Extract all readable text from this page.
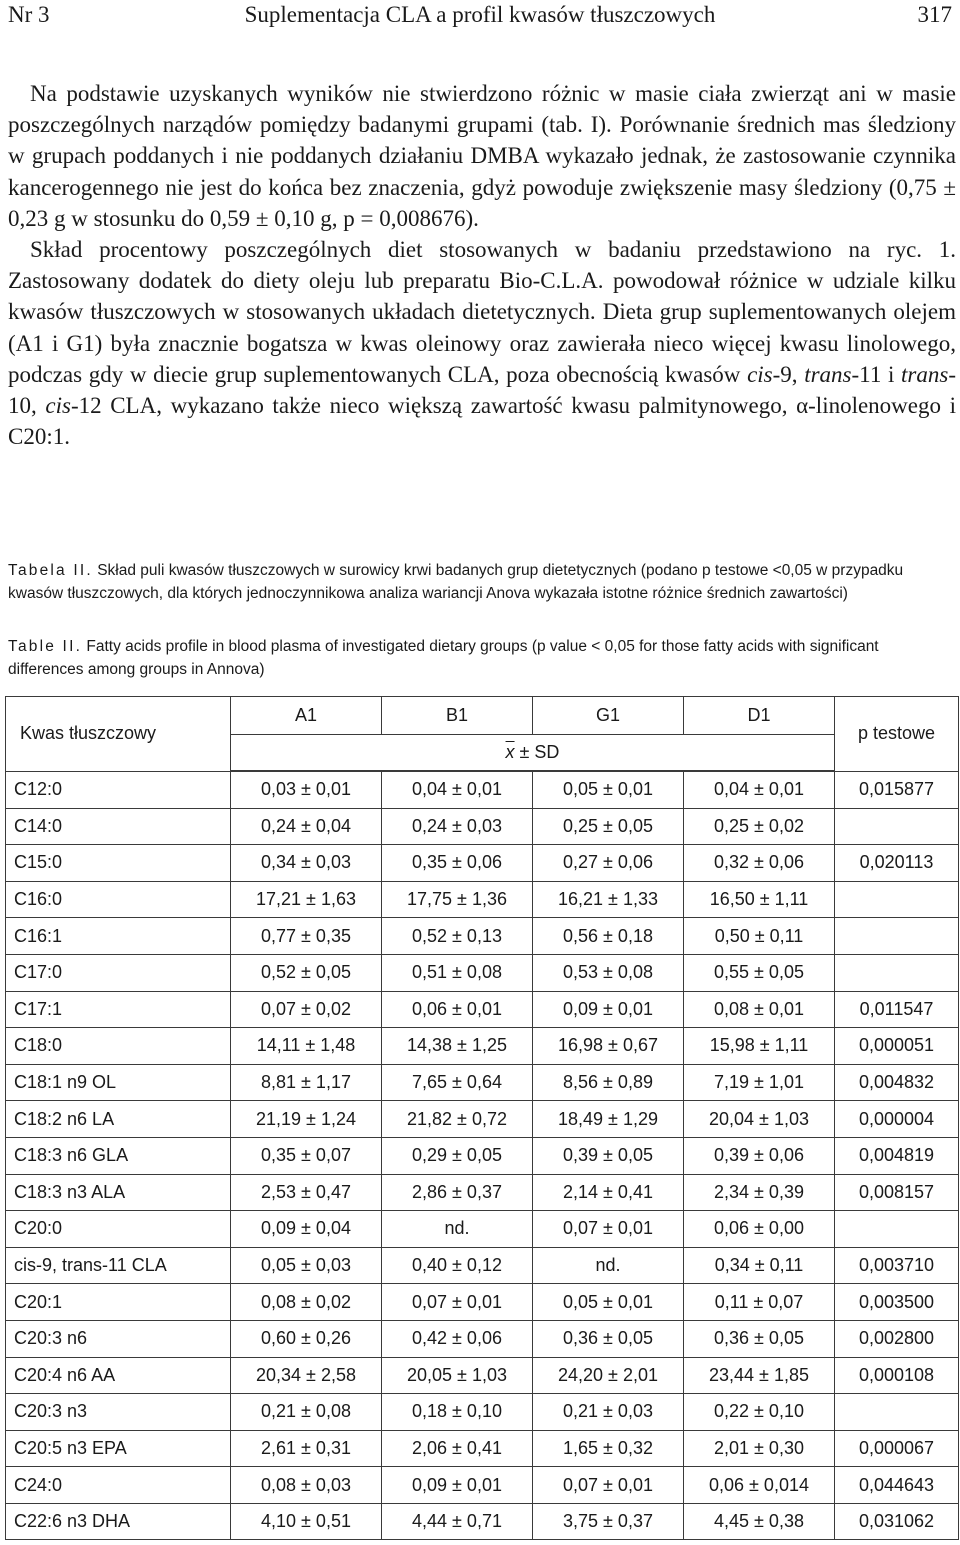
Nr 3	Suplementacja CLA a profil kwasów tłuszczowych	317

Na podstawie uzyskanych wyników nie stwierdzono różnic w masie ciała zwierząt ani w masie poszczególnych narządów pomiędzy badanymi grupami (tab. I). Porównanie średnich mas śledziony w grupach poddanych i nie poddanych działaniu DMBA wykazało jednak, że zastosowanie czynnika kancerogennego nie jest do końca bez znaczenia, gdyż powoduje zwiększenie masy śledziony (0,75 ± 0,23 g w stosunku do 0,59 ± 0,10 g, p = 0,008676).

Skład procentowy poszczególnych diet stosowanych w badaniu przedstawiono na ryc. 1. Zastosowany dodatek do diety oleju lub preparatu Bio-C.L.A. powodował różnice w udziale kilku kwasów tłuszczowych w stosowanych układach dietetycznych. Dieta grup suplementowanych olejem (A1 i G1) była znacznie bogatsza w kwas oleinowy oraz zawierała nieco więcej kwasu linolowego, podczas gdy w diecie grup suplementowanych CLA, poza obecnością kwasów cis-9, trans-11 i trans-10, cis-12 CLA, wykazano także nieco większą zawartość kwasu palmitynowego, α-linolenowego i C20:1.

Tabela II. Skład puli kwasów tłuszczowych w surowicy krwi badanych grup dietetycznych (podano p testowe <0,05 w przypadku kwasów tłuszczowych, dla których jednoczynnikowa analiza wariancji Anova wykazała istotne różnice średnich zawartości)
Table II. Fatty acids profile in blood plasma of investigated dietary groups (p value < 0,05 for those fatty acids with significant differences among groups in Annova)
Kwas tłuszczowy	A1	B1	G1	D1	p testowe
	$\overline{x}$ ± SD				
C12:0	0,03 ± 0,01	0,04 ± 0,01	0,05 ± 0,01	0,04 ± 0,01	0,015877
C14:0	0,24 ± 0,04	0,24 ± 0,03	0,25 ± 0,05	0,25 ± 0,02	
C15:0	0,34 ± 0,03	0,35 ± 0,06	0,27 ± 0,06	0,32 ± 0,06	0,020113
C16:0	17,21 ± 1,63	17,75 ± 1,36	16,21 ± 1,33	16,50 ± 1,11	
C16:1	0,77 ± 0,35	0,52 ± 0,13	0,56 ± 0,18	0,50 ± 0,11	
C17:0	0,52 ± 0,05	0,51 ± 0,08	0,53 ± 0,08	0,55 ± 0,05	
C17:1	0,07 ± 0,02	0,06 ± 0,01	0,09 ± 0,01	0,08 ± 0,01	0,011547
C18:0	14,11 ± 1,48	14,38 ± 1,25	16,98 ± 0,67	15,98 ± 1,11	0,000051
C18:1 n9 OL	8,81 ± 1,17	7,65 ± 0,64	8,56 ± 0,89	7,19 ± 1,01	0,004832
C18:2 n6 LA	21,19 ± 1,24	21,82 ± 0,72	18,49 ± 1,29	20,04 ± 1,03	0,000004
C18:3 n6 GLA	0,35 ± 0,07	0,29 ± 0,05	0,39 ± 0,05	0,39 ± 0,06	0,004819
C18:3 n3 ALA	2,53 ± 0,47	2,86 ± 0,37	2,14 ± 0,41	2,34 ± 0,39	0,008157
C20:0	0,09 ± 0,04	nd.	0,07 ± 0,01	0,06 ± 0,00	
cis-9, trans-11 CLA	0,05 ± 0,03	0,40 ± 0,12	nd.	0,34 ± 0,11	0,003710
C20:1	0,08 ± 0,02	0,07 ± 0,01	0,05 ± 0,01	0,11 ± 0,07	0,003500
C20:3 n6	0,60 ± 0,26	0,42 ± 0,06	0,36 ± 0,05	0,36 ± 0,05	0,002800
C20:4 n6 AA	20,34 ± 2,58	20,05 ± 1,03	24,20 ± 2,01	23,44 ± 1,85	0,000108
C20:3 n3	0,21 ± 0,08	0,18 ± 0,10	0,21 ± 0,03	0,22 ± 0,10	
C20:5 n3 EPA	2,61 ± 0,31	2,06 ± 0,41	1,65 ± 0,32	2,01 ± 0,30	0,000067
C24:0	0,08 ± 0,03	0,09 ± 0,01	0,07 ± 0,01	0,06 ± 0,014	0,044643
C22:6 n3 DHA	4,10 ± 0,51	4,44 ± 0,71	3,75 ± 0,37	4,45 ± 0,38	0,031062
